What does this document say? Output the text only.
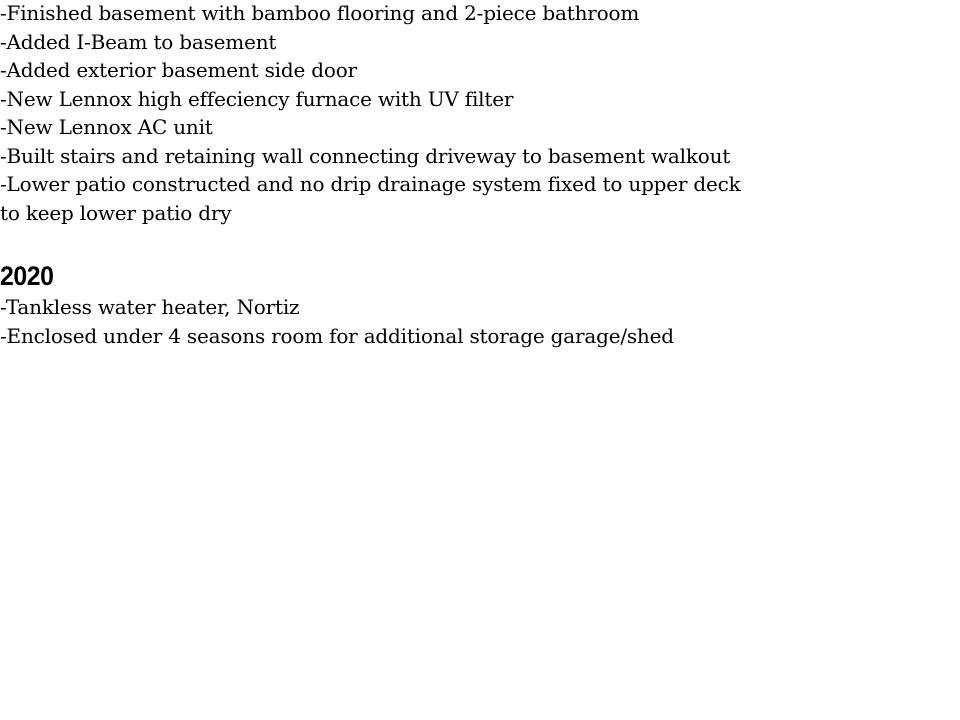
-Finished basement with bamboo flooring and 2-piece bathroom

-Added I-Beam to basement

-Added exterior basement side door

-New Lennox high effeciency furnace with UV filter

-New Lennox AC unit

-Built stairs and retaining wall connecting driveway to basement walkout

-Lower patio constructed and no drip drainage system fixed to upper deck

to keep lower patio dry

2020

-Tankless water heater, Nortiz

-Enclosed under 4 seasons room for additional storage garage/shed
